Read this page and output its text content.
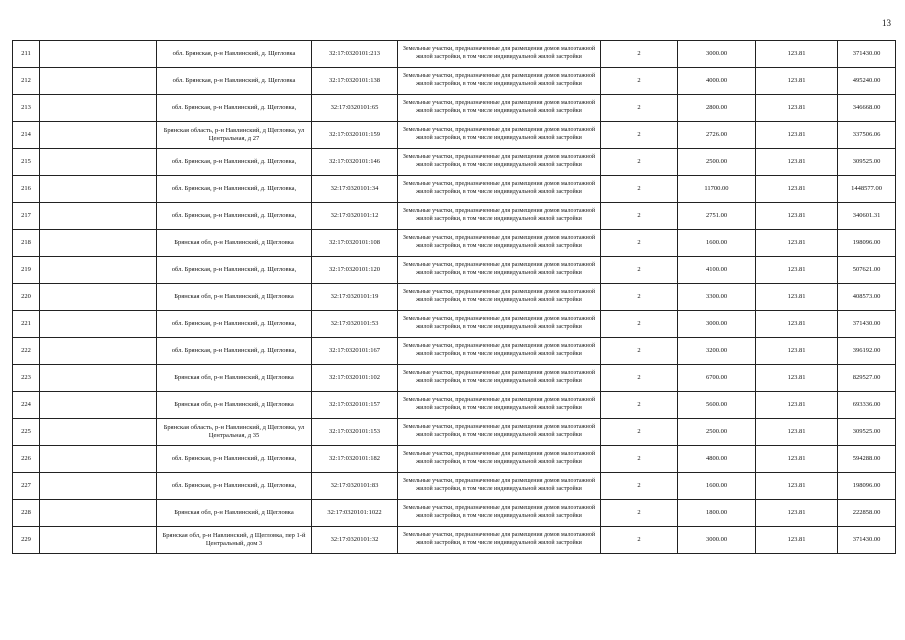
13
211		обл. Брянская, р-н Навлинский, д. Щегловка	32:17:0320101:213	Земельные участки, предназначенные для размещения домов малоэтажной жилой застройки, в том числе индивидуальной жилой застройки	2	3000.00	123.81	371430.00
212		обл. Брянская, р-н Навлинский, д. Щегловка	32:17:0320101:138	Земельные участки, предназначенные для размещения домов малоэтажной жилой застройки, в том числе индивидуальной жилой застройки	2	4000.00	123.81	495240.00
213		обл. Брянская, р-н Навлинский, д. Щегловка,	32:17:0320101:65	Земельные участки, предназначенные для размещения домов малоэтажной жилой застройки, в том числе индивидуальной жилой застройки	2	2800.00	123.81	346668.00
214		Брянская область, р-н Навлинский, д Щегловка, ул Центральная, д 27	32:17:0320101:159	Земельные участки, предназначенные для размещения домов малоэтажной жилой застройки, в том числе индивидуальной жилой застройки	2	2726.00	123.81	337506.06
215		обл. Брянская, р-н Навлинский, д. Щегловка,	32:17:0320101:146	Земельные участки, предназначенные для размещения домов малоэтажной жилой застройки, в том числе индивидуальной жилой застройки	2	2500.00	123.81	309525.00
216		обл. Брянская, р-н Навлинский, д. Щегловка,	32:17:0320101:34	Земельные участки, предназначенные для размещения домов малоэтажной жилой застройки, в том числе индивидуальной жилой застройки	2	11700.00	123.81	1448577.00
217		обл. Брянская, р-н Навлинский, д. Щегловка,	32:17:0320101:12	Земельные участки, предназначенные для размещения домов малоэтажной жилой застройки, в том числе индивидуальной жилой застройки	2	2751.00	123.81	340601.31
218		Брянская обл, р-н Навлинский, д Щегловка	32:17:0320101:108	Земельные участки, предназначенные для размещения домов малоэтажной жилой застройки, в том числе индивидуальной жилой застройки	2	1600.00	123.81	198096.00
219		обл. Брянская, р-н Навлинский, д. Щегловка,	32:17:0320101:120	Земельные участки, предназначенные для размещения домов малоэтажной жилой застройки, в том числе индивидуальной жилой застройки	2	4100.00	123.81	507621.00
220		Брянская обл, р-н Навлинский, д Щегловка	32:17:0320101:19	Земельные участки, предназначенные для размещения домов малоэтажной жилой застройки, в том числе индивидуальной жилой застройки	2	3300.00	123.81	408573.00
221		обл. Брянская, р-н Навлинский, д. Щегловка,	32:17:0320101:53	Земельные участки, предназначенные для размещения домов малоэтажной жилой застройки, в том числе индивидуальной жилой застройки	2	3000.00	123.81	371430.00
222		обл. Брянская, р-н Навлинский, д. Щегловка,	32:17:0320101:167	Земельные участки, предназначенные для размещения домов малоэтажной жилой застройки, в том числе индивидуальной жилой застройки	2	3200.00	123.81	396192.00
223		Брянская обл, р-н Навлинский, д Щегловка	32:17:0320101:102	Земельные участки, предназначенные для размещения домов малоэтажной жилой застройки, в том числе индивидуальной жилой застройки	2	6700.00	123.81	829527.00
224		Брянская обл, р-н Навлинский, д Щегловка	32:17:0320101:157	Земельные участки, предназначенные для размещения домов малоэтажной жилой застройки, в том числе индивидуальной жилой застройки	2	5600.00	123.81	693336.00
225		Брянская область, р-н Навлинский, д Щегловка, ул Центральная, д 35	32:17:0320101:153	Земельные участки, предназначенные для размещения домов малоэтажной жилой застройки, в том числе индивидуальной жилой застройки	2	2500.00	123.81	309525.00
226		обл. Брянская, р-н Навлинский, д. Щегловка,	32:17:0320101:182	Земельные участки, предназначенные для размещения домов малоэтажной жилой застройки, в том числе индивидуальной жилой застройки	2	4800.00	123.81	594288.00
227		обл. Брянская, р-н Навлинский, д. Щегловка,	32:17:0320101:83	Земельные участки, предназначенные для размещения домов малоэтажной жилой застройки, в том числе индивидуальной жилой застройки	2	1600.00	123.81	198096.00
228		Брянская обл, р-н Навлинский, д Щегловка	32:17:0320101:1022	Земельные участки, предназначенные для размещения домов малоэтажной жилой застройки, в том числе индивидуальной жилой застройки	2	1800.00	123.81	222858.00
229		Брянская обл, р-н Навлинский, д Щегловка, пер 1-й Центральный, дом 3	32:17:0320101:32	Земельные участки, предназначенные для размещения домов малоэтажной жилой застройки, в том числе индивидуальной жилой застройки	2	3000.00	123.81	371430.00
